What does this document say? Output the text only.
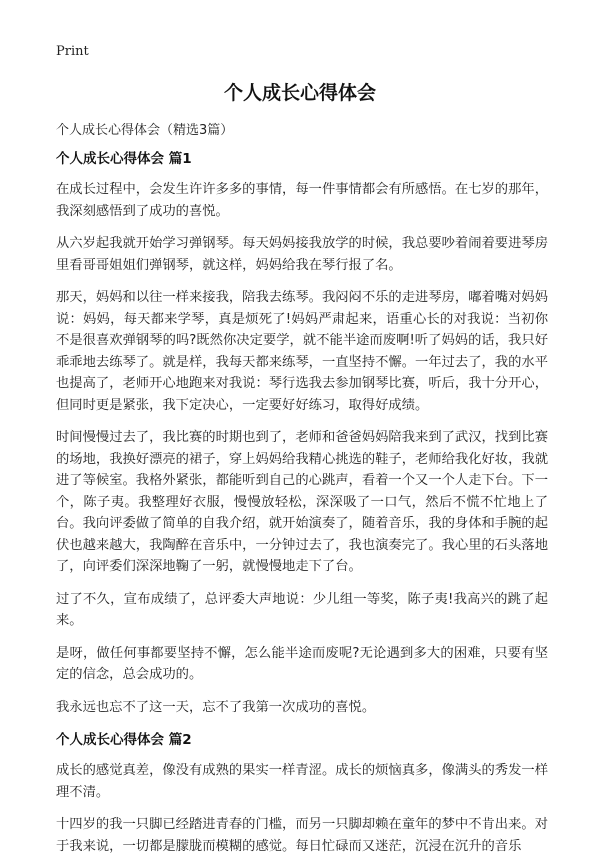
Print
个人成长心得体会

个人成长心得体会（精选3篇）

个人成长心得体会 篇1

在成长过程中，会发生许许多多的事情，每一件事情都会有所感悟。在七岁的那年，我深刻感悟到了成功的喜悦。

从六岁起我就开始学习弹钢琴。每天妈妈接我放学的时候，我总要吵着闹着要进琴房里看哥哥姐姐们弹钢琴，就这样，妈妈给我在琴行报了名。

那天，妈妈和以往一样来接我，陪我去练琴。我闷闷不乐的走进琴房，嘟着嘴对妈妈说：妈妈，每天都来学琴，真是烦死了!妈妈严肃起来，语重心长的对我说：当初你不是很喜欢弹钢琴的吗?既然你决定要学，就不能半途而废啊!听了妈妈的话，我只好乖乖地去练琴了。就是样，我每天都来练琴，一直坚持不懈。一年过去了，我的水平也提高了，老师开心地跑来对我说：琴行选我去参加钢琴比赛，听后，我十分开心，但同时更是紧张，我下定决心，一定要好好练习，取得好成绩。

时间慢慢过去了，我比赛的时期也到了，老师和爸爸妈妈陪我来到了武汉，找到比赛的场地，我换好漂亮的裙子，穿上妈妈给我精心挑选的鞋子，老师给我化好妆，我就进了等候室。我格外紧张，都能听到自己的心跳声，看着一个又一个人走下台。下一个，陈子夷。我整理好衣服，慢慢放轻松，深深吸了一口气，然后不慌不忙地上了台。我向评委做了简单的自我介绍，就开始演奏了，随着音乐，我的身体和手腕的起伏也越来越大，我陶醉在音乐中，一分钟过去了，我也演奏完了。我心里的石头落地了，向评委们深深地鞠了一躬，就慢慢地走下了台。

过了不久，宣布成绩了，总评委大声地说：少儿组一等奖，陈子夷!我高兴的跳了起来。

是呀，做任何事都要坚持不懈，怎么能半途而废呢?无论遇到多大的困难，只要有坚定的信念，总会成功的。

我永远也忘不了这一天，忘不了我第一次成功的喜悦。

个人成长心得体会 篇2

成长的感觉真差，像没有成熟的果实一样青涩。成长的烦恼真多，像满头的秀发一样理不清。

十四岁的我一只脚已经踏进青春的门槛，而另一只脚却赖在童年的梦中不肯出来。对于我来说，一切都是朦胧而模糊的感觉。每日忙碌而又迷茫，沉浸在沉升的音乐
